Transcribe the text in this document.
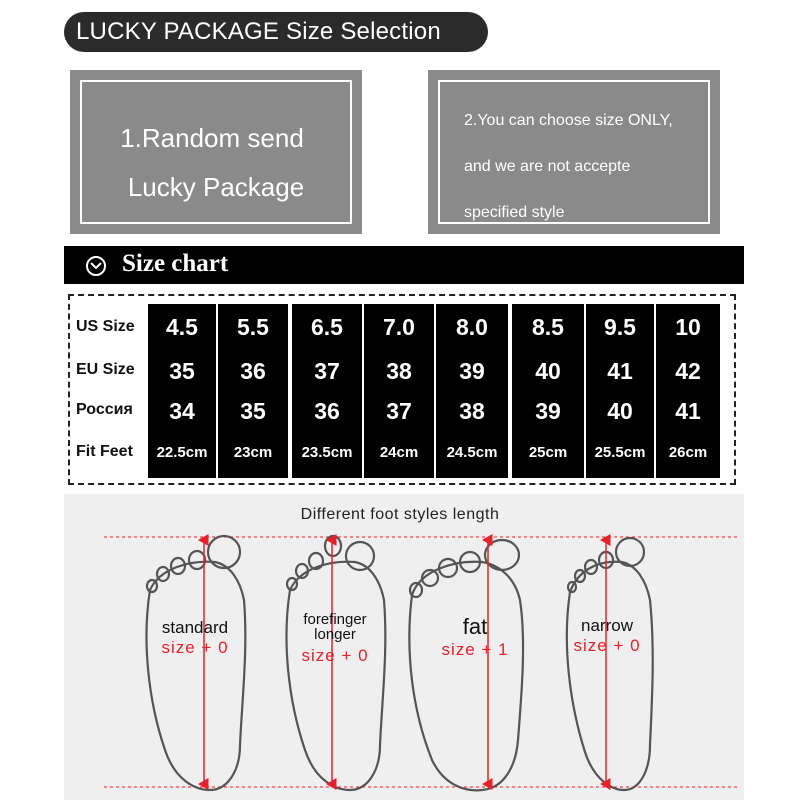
LUCKY PACKAGE Size Selection
1.Random send
Lucky Package
2.You can choose size ONLY,
and we are not accepte
specified style
Size chart
US Size
EU Size
Россия
Fit Feet
4.5
35
34
22.5cm
5.5
36
35
23cm
6.5
37
36
23.5cm
7.0
38
37
24cm
8.0
39
38
24.5cm
8.5
40
39
25cm
9.5
41
40
25.5cm
10
42
41
26cm
Different foot styles length
standard
size + 0
forefinger
longer
size + 0
fat
size + 1
narrow
size + 0
